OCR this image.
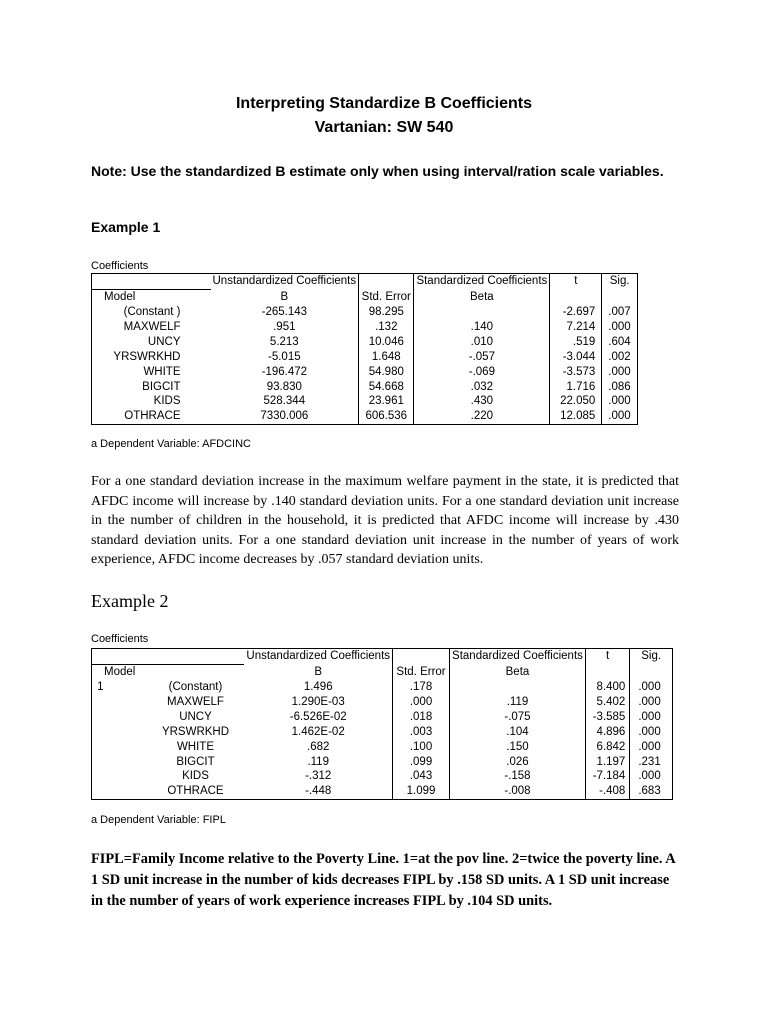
Interpreting Standardize B Coefficients
Vartanian: SW 540
Note: Use the standardized B estimate only when using interval/ration scale variables.
Example 1
Coefficients
	Unstandardized Coefficients		Standardized Coefficients	t	Sig.

Model	B	Std. Error	Beta		
(Constant )	-265.143	98.295		-2.697	.007
MAXWELF	.951	.132	.140	7.214	.000
UNCY	5.213	10.046	.010	.519	.604
YRSWRKHD	-5.015	1.648	-.057	-3.044	.002
WHITE	-196.472	54.980	-.069	-3.573	.000
BIGCIT	93.830	54.668	.032	1.716	.086
KIDS	528.344	23.961	.430	22.050	.000
OTHRACE	7330.006	606.536	.220	12.085	.000
a Dependent Variable: AFDCINC
For a one standard deviation increase in the maximum welfare payment in the state, it is predicted that AFDC income will increase by .140 standard deviation units. For a one standard deviation unit increase in the number of children in the household, it is predicted that AFDC income will increase by .430 standard deviation units. For a one standard deviation unit increase in the number of years of work experience, AFDC income decreases by .057 standard deviation units.
Example 2
Coefficients
		Unstandardized Coefficients		Standardized Coefficients	t	Sig.

Model		B	Std. Error	Beta		
1	(Constant)	1.496	.178		8.400	.000
	MAXWELF	1.290E-03	.000	.119	5.402	.000
	UNCY	-6.526E-02	.018	-.075	-3.585	.000
	YRSWRKHD	1.462E-02	.003	.104	4.896	.000
	WHITE	.682	.100	.150	6.842	.000
	BIGCIT	.119	.099	.026	1.197	.231
	KIDS	-.312	.043	-.158	-7.184	.000
	OTHRACE	-.448	1.099	-.008	-.408	.683
a Dependent Variable: FIPL
FIPL=Family Income relative to the Poverty Line. 1=at the pov line. 2=twice the poverty line. A 1 SD unit increase in the number of kids decreases FIPL by .158 SD units. A 1 SD unit increase in the number of years of work experience increases FIPL by .104 SD units.
